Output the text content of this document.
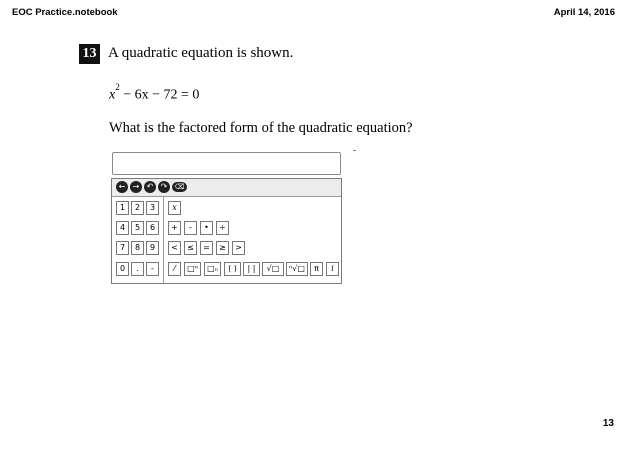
EOC Practice.notebook	April 14, 2016
13 A quadratic equation is shown.
$x^2 - 6x - 72 = 0$
What is the factored form of the quadratic equation?
← → ↶ ↷	⌫
1	2	3
4	5	6
7	8	9
0	.	-
x
+	-	•	÷
<	≤	=	≥	>
⁄	□ⁿ	□ₙ	( )	| |	√□	ⁿ√□	π	i
13
